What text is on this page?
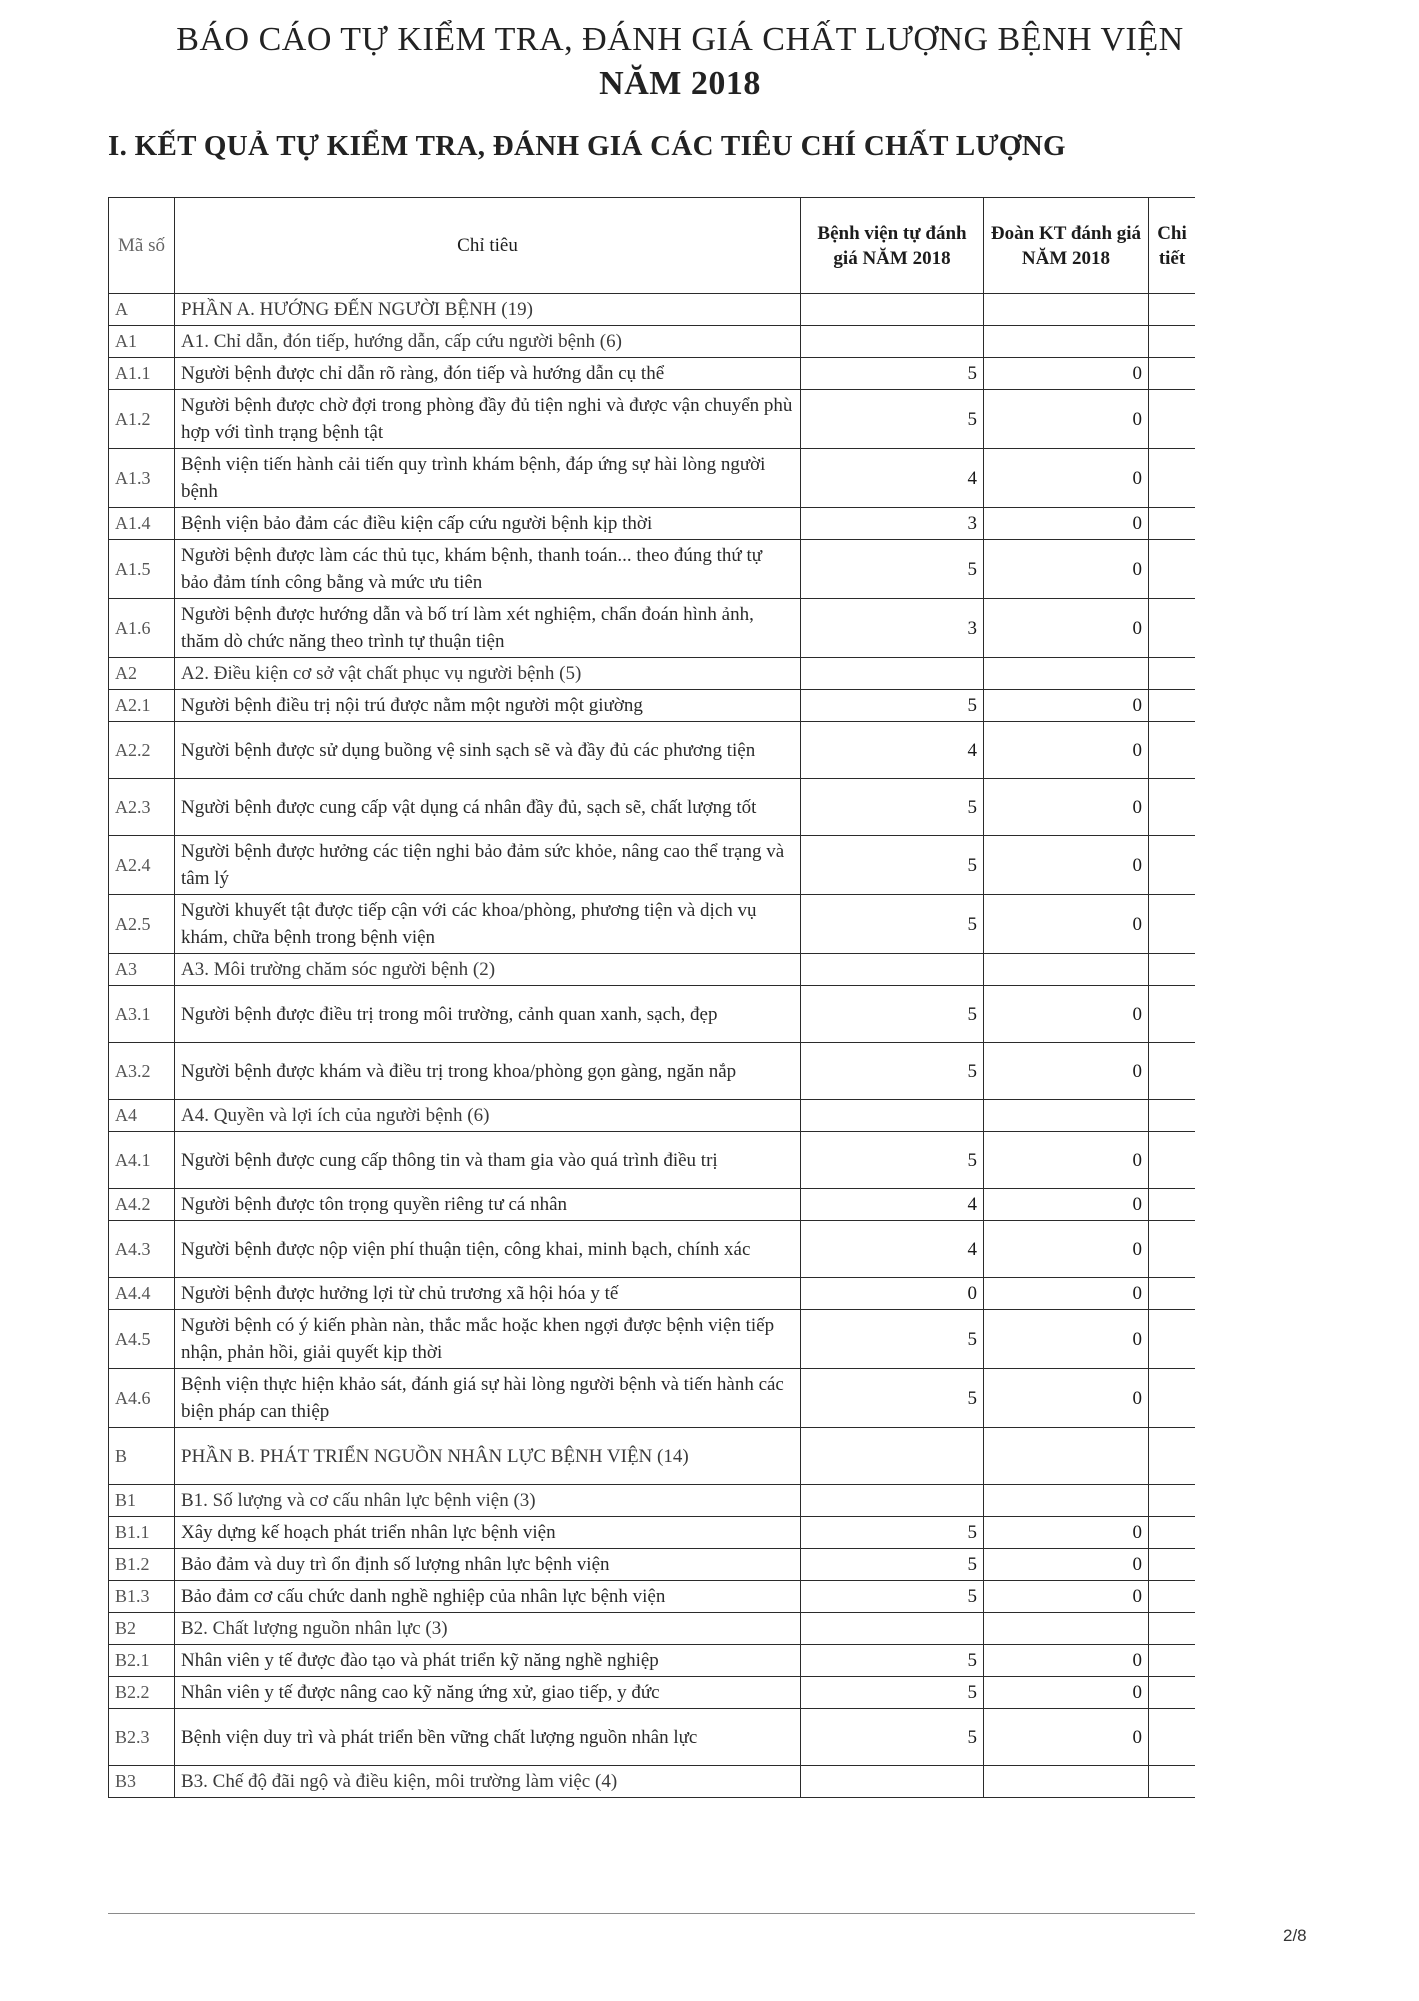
BÁO CÁO TỰ KIỂM TRA, ĐÁNH GIÁ CHẤT LƯỢNG BỆNH VIỆN
NĂM 2018
I. KẾT QUẢ TỰ KIỂM TRA, ĐÁNH GIÁ CÁC TIÊU CHÍ CHẤT LƯỢNG
Mã số	Chỉ tiêu	Bệnh viện tự đánh giá NĂM 2018	Đoàn KT đánh giá NĂM 2018	Chi tiết
A	PHẦN A. HƯỚNG ĐẾN NGƯỜI BỆNH (19)			
A1	A1. Chỉ dẫn, đón tiếp, hướng dẫn, cấp cứu người bệnh (6)			
A1.1	Người bệnh được chỉ dẫn rõ ràng, đón tiếp và hướng dẫn cụ thể	5	0	
A1.2	Người bệnh được chờ đợi trong phòng đầy đủ tiện nghi và được vận chuyển phù hợp với tình trạng bệnh tật	5	0	
A1.3	Bệnh viện tiến hành cải tiến quy trình khám bệnh, đáp ứng sự hài lòng người bệnh	4	0	
A1.4	Bệnh viện bảo đảm các điều kiện cấp cứu người bệnh kịp thời	3	0	
A1.5	Người bệnh được làm các thủ tục, khám bệnh, thanh toán... theo đúng thứ tự bảo đảm tính công bằng và mức ưu tiên	5	0	
A1.6	Người bệnh được hướng dẫn và bố trí làm xét nghiệm, chẩn đoán hình ảnh, thăm dò chức năng theo trình tự thuận tiện	3	0	
A2	A2. Điều kiện cơ sở vật chất phục vụ người bệnh (5)			
A2.1	Người bệnh điều trị nội trú được nằm một người một giường	5	0	
A2.2	Người bệnh được sử dụng buồng vệ sinh sạch sẽ và đầy đủ các phương tiện	4	0	
A2.3	Người bệnh được cung cấp vật dụng cá nhân đầy đủ, sạch sẽ, chất lượng tốt	5	0	
A2.4	Người bệnh được hưởng các tiện nghi bảo đảm sức khỏe, nâng cao thể trạng và tâm lý	5	0	
A2.5	Người khuyết tật được tiếp cận với các khoa/phòng, phương tiện và dịch vụ khám, chữa bệnh trong bệnh viện	5	0	
A3	A3. Môi trường chăm sóc người bệnh (2)			
A3.1	Người bệnh được điều trị trong môi trường, cảnh quan xanh, sạch, đẹp	5	0	
A3.2	Người bệnh được khám và điều trị trong khoa/phòng gọn gàng, ngăn nắp	5	0	
A4	A4. Quyền và lợi ích của người bệnh (6)			
A4.1	Người bệnh được cung cấp thông tin và tham gia vào quá trình điều trị	5	0	
A4.2	Người bệnh được tôn trọng quyền riêng tư cá nhân	4	0	
A4.3	Người bệnh được nộp viện phí thuận tiện, công khai, minh bạch, chính xác	4	0	
A4.4	Người bệnh được hưởng lợi từ chủ trương xã hội hóa y tế	0	0	
A4.5	Người bệnh có ý kiến phàn nàn, thắc mắc hoặc khen ngợi được bệnh viện tiếp nhận, phản hồi, giải quyết kịp thời	5	0	
A4.6	Bệnh viện thực hiện khảo sát, đánh giá sự hài lòng người bệnh và tiến hành các biện pháp can thiệp	5	0	
B	PHẦN B. PHÁT TRIỂN NGUỒN NHÂN LỰC BỆNH VIỆN (14)			
B1	B1. Số lượng và cơ cấu nhân lực bệnh viện (3)			
B1.1	Xây dựng kế hoạch phát triển nhân lực bệnh viện	5	0	
B1.2	Bảo đảm và duy trì ổn định số lượng nhân lực bệnh viện	5	0	
B1.3	Bảo đảm cơ cấu chức danh nghề nghiệp của nhân lực bệnh viện	5	0	
B2	B2. Chất lượng nguồn nhân lực (3)			
B2.1	Nhân viên y tế được đào tạo và phát triển kỹ năng nghề nghiệp	5	0	
B2.2	Nhân viên y tế được nâng cao kỹ năng ứng xử, giao tiếp, y đức	5	0	
B2.3	Bệnh viện duy trì và phát triển bền vững chất lượng nguồn nhân lực	5	0	
B3	B3. Chế độ đãi ngộ và điều kiện, môi trường làm việc (4)			
2/8
